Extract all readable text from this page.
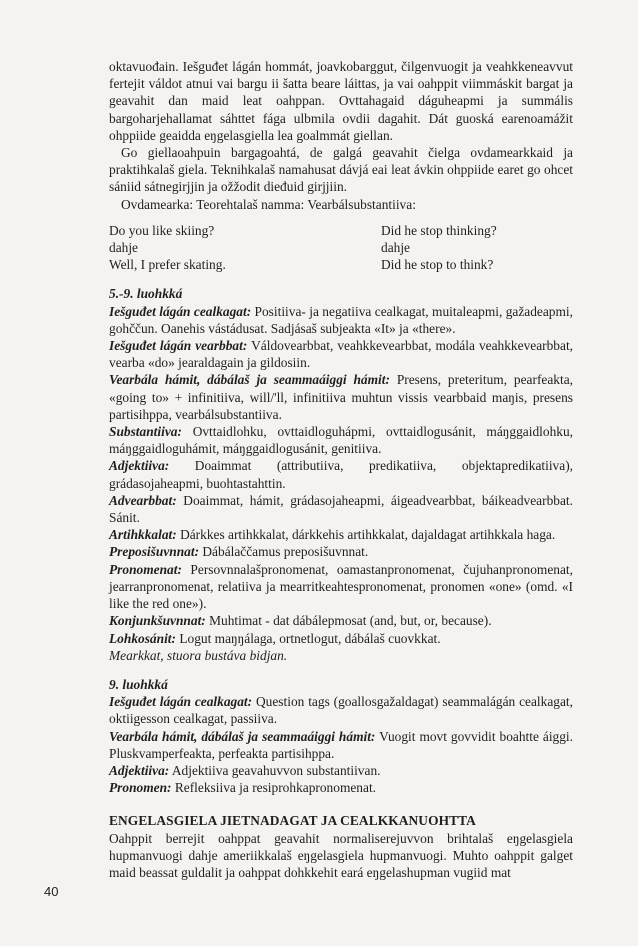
oktavuođain. Iešguđet lágán hommát, joavkobarggut, čilgenvuogit ja veahkkeneavvut fertejit váldot atnui vai bargu ii šatta beare láittas, ja vai oahppit viimmáskit bargat ja geavahit dan maid leat oahppan. Ovttahagaid dáguheapmi ja summális bargoharjehallamat sáhttet fága ulbmila ovdii dagahit. Dát guoská earenoamážit ohppiide geaidda eŋgelasgiella lea goalmmát giellan.

Go giellaoahpuin bargagoahtá, de galgá geavahit čielga ovdamearkkaid ja praktihkalaš giela. Teknihkalaš namahusat dávjá eai leat ávkin ohppiide earet go ohcet sániid sátnegirjjin ja ožžodit dieđuid girjjiin.

Ovdamearka: Teorehtalaš namma: Vearbálsubstantiiva:

Do you like skiing?	Did he stop thinking?
dahje	dahje
Well, I prefer skating.	Did he stop to think?

5.-9. luohkká

Iešguđet lágán cealkagat: Positiiva- ja negatiiva cealkagat, muitaleapmi, gažadeapmi, gohččun. Oanehis vástádusat. Sadjásaš subjeakta «It» ja «there».

Iešguđet lágán vearbbat: Váldovearbbat, veahkkevearbbat, modála veahkkevearbbat, vearba «do» jearaldagain ja gildosiin.

Vearbála hámit, dábálaš ja seammaáiggi hámit: Presens, preteritum, pearfeakta, «going to» + infinitiiva, will/'ll, infinitiiva muhtun vissis vearbbaid maŋis, presens partisihppa, vearbálsubstantiiva.

Substantiiva: Ovttaidlohku, ovttaidloguhápmi, ovttaidlogusánit, máŋggaidlohku, máŋggaidloguhámit, máŋggaidlogusánit, genitiiva.

Adjektiiva: Doaimmat (attributiiva, predikatiiva, objektapredikatiiva), grádasojaheapmi, buohtastahttin.

Advearbbat: Doaimmat, hámit, grádasojaheapmi, áigeadvearbbat, báikeadvearbbat. Sánit.

Artihkkalat: Dárkkes artihkkalat, dárkkehis artihkkalat, dajaldagat artihkkala haga.

Preposišuvnnat: Dábálaččamus preposišuvnnat.

Pronomenat: Persovnnalašpronomenat, oamastanpronomenat, čujuhanpronomenat, jearranpronomenat, relatiiva ja mearritkeahtespronomenat, pronomen «one» (omd. «I like the red one»).

Konjunkšuvnnat: Muhtimat - dat dábálepmosat (and, but, or, because).

Lohkosánit: Logut maŋŋálaga, ortnetlogut, dábálaš cuovkkat.

Mearkkat, stuora bustáva bidjan.

9. luohkká

Iešguđet lágán cealkagat: Question tags (goallosgažaldagat) seammalágán cealkagat, oktiigesson cealkagat, passiiva.

Vearbála hámit, dábálaš ja seammaáiggi hámit: Vuogit movt govvidit boahtte áiggi. Pluskvamperfeakta, perfeakta partisihppa.

Adjektiiva: Adjektiiva geavahuvvon substantiivan.

Pronomen: Refleksiiva ja resiprohkapronomenat.

ENGELASGIELA JIETNADAGAT JA CEALKKANUOHTTA

Oahppit berrejit oahppat geavahit normaliserejuvvon brihtalaš eŋgelasgiela hupmanvuogi dahje ameriikkalaš eŋgelasgiela hupmanvuogi. Muhto oahppit galget maid beassat guldalit ja oahppat dohkkehit eará eŋgelashupman vugiid mat

40
